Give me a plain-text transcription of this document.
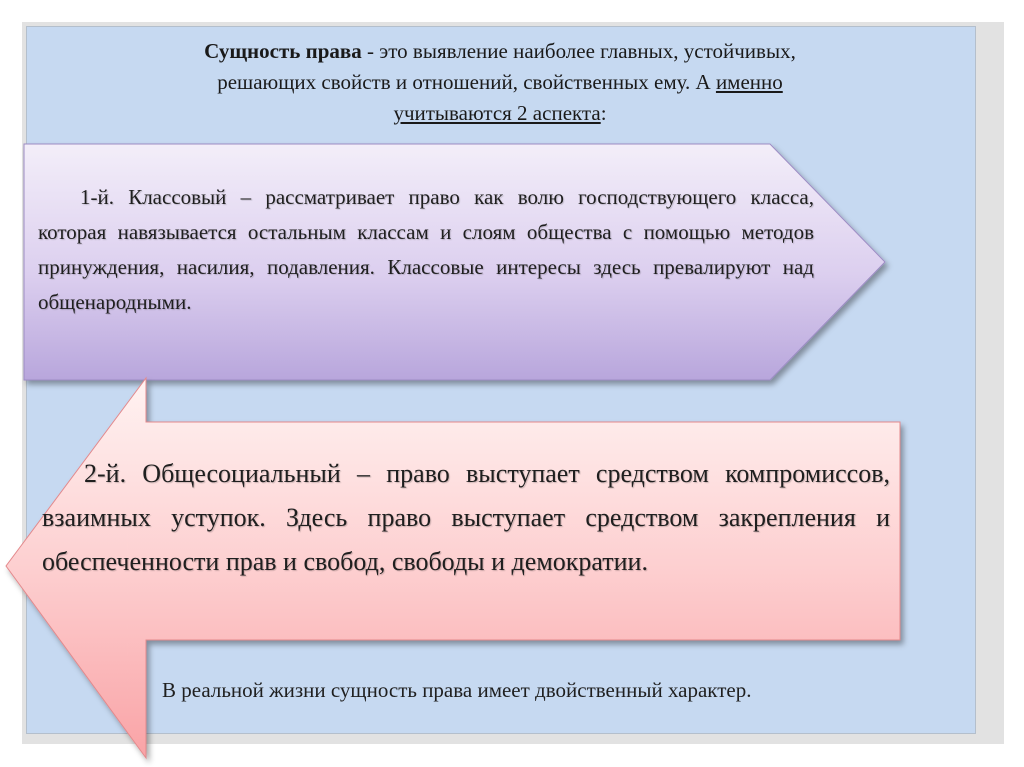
Сущность права - это выявление наиболее главных, устойчивых,
решающих свойств и отношений, свойственных ему. А именно
учитываются 2 аспекта:
1-й. Классовый – рассматривает право как волю господствующего класса, которая навязывается остальным классам и слоям общества с помощью методов принуждения, насилия, подавления. Классовые интересы здесь превалируют над общенародными.
2-й. Общесоциальный – право выступает средством компромиссов, взаимных уступок. Здесь право выступает средством закрепления и обеспеченности прав и свобод, свободы и демократии.
В реальной жизни сущность права имеет двойственный характер.
